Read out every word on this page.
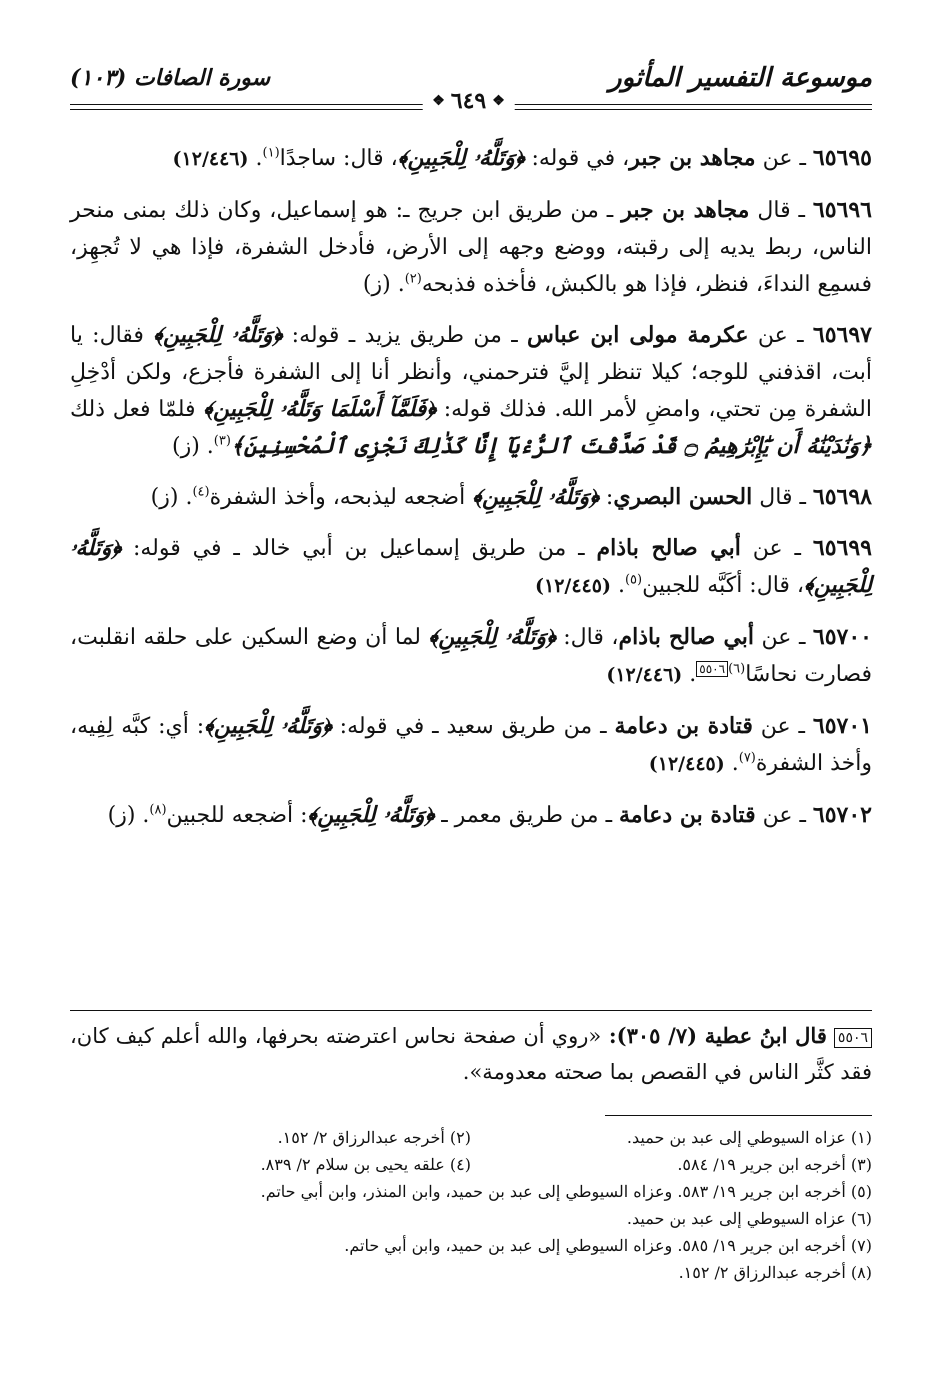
موسوعة التفسير المأثور
سورة الصافات (١٠٣)
❖
٦٤٩
❖

٦٥٦٩٥ ـ عن مجاهد بن جبر، في قوله: ﴿وَتَلَّهُۥ لِلْجَبِينِ﴾، قال: ساجدًا$^{(١)}$. (١٢/٤٤٦)

٦٥٦٩٦ ـ قال مجاهد بن جبر ـ من طريق ابن جريج ـ: هو إسماعيل، وكان ذلك بمنى منحر الناس، ربط يديه إلى رقبته، ووضع وجهه إلى الأرض، فأدخل الشفرة، فإذا هي لا تُجهِز، فسمِع النداءَ، فنظر، فإذا هو بالكبش، فأخذه فذبحه$^{(٢)}$. (ز)

٦٥٦٩٧ ـ عن عكرمة مولى ابن عباس ـ من طريق يزيد ـ قوله: ﴿وَتَلَّهُۥ لِلْجَبِينِ﴾ فقال: يا أبت، اقذفني للوجه؛ كيلا تنظر إليَّ فترحمني، وأنظر أنا إلى الشفرة فأجزع، ولكن أدْخِلِ الشفرة مِن تحتي، وامضِ لأمر الله. فذلك قوله: ﴿فَلَمَّآ أَسْلَمَا وَتَلَّهُۥ لِلْجَبِينِ﴾ فلمّا فعل ذلك ﴿وَنَٰدَيْنَٰهُ أَن يَٰٓإِبْرَٰهِيمُ ۝ قَدْ صَدَّقْتَ ٱلرُّءْيَآ إِنَّا كَذَٰلِكَ نَجْزِى ٱلْمُحْسِنِينَ﴾$^{(٣)}$. (ز)

٦٥٦٩٨ ـ قال الحسن البصري: ﴿وَتَلَّهُۥ لِلْجَبِينِ﴾ أضجعه ليذبحه، وأخذ الشفرة$^{(٤)}$. (ز)

٦٥٦٩٩ ـ عن أبي صالح باذام ـ من طريق إسماعيل بن أبي خالد ـ في قوله: ﴿وَتَلَّهُۥ لِلْجَبِينِ﴾، قال: أكَبَّه للجبين$^{(٥)}$. (١٢/٤٤٥)

٦٥٧٠٠ ـ عن أبي صالح باذام، قال: ﴿وَتَلَّهُۥ لِلْجَبِينِ﴾ لما أن وضع السكين على حلقه انقلبت، فصارت نحاسًا$^{(٦)}$٥٥٠٦. (١٢/٤٤٦)

٦٥٧٠١ ـ عن قتادة بن دعامة ـ من طريق سعيد ـ في قوله: ﴿وَتَلَّهُۥ لِلْجَبِينِ﴾: أي: كبَّه لِفِيه، وأخذ الشفرة$^{(٧)}$. (١٢/٤٤٥)

٦٥٧٠٢ ـ عن قتادة بن دعامة ـ من طريق معمر ـ ﴿وَتَلَّهُۥ لِلْجَبِينِ﴾: أضجعه للجبين$^{(٨)}$. (ز)

٥٥٠٦ قال ابنُ عطية (٧/ ٣٠٥): «روي أن صفحة نحاس اعترضته بحرفها، والله أعلم كيف كان، فقد كثَّر الناس في القصص بما صحته معدومة».
(١) عزاه السيوطي إلى عبد بن حميد.
(٢) أخرجه عبدالرزاق ٢/ ١٥٢.
(٣) أخرجه ابن جرير ١٩/ ٥٨٤.
(٤) علقه يحيى بن سلام ٢/ ٨٣٩.
(٥) أخرجه ابن جرير ١٩/ ٥٨٣. وعزاه السيوطي إلى عبد بن حميد، وابن المنذر، وابن أبي حاتم.
(٦) عزاه السيوطي إلى عبد بن حميد.
(٧) أخرجه ابن جرير ١٩/ ٥٨٥. وعزاه السيوطي إلى عبد بن حميد، وابن أبي حاتم.
(٨) أخرجه عبدالرزاق ٢/ ١٥٢.
